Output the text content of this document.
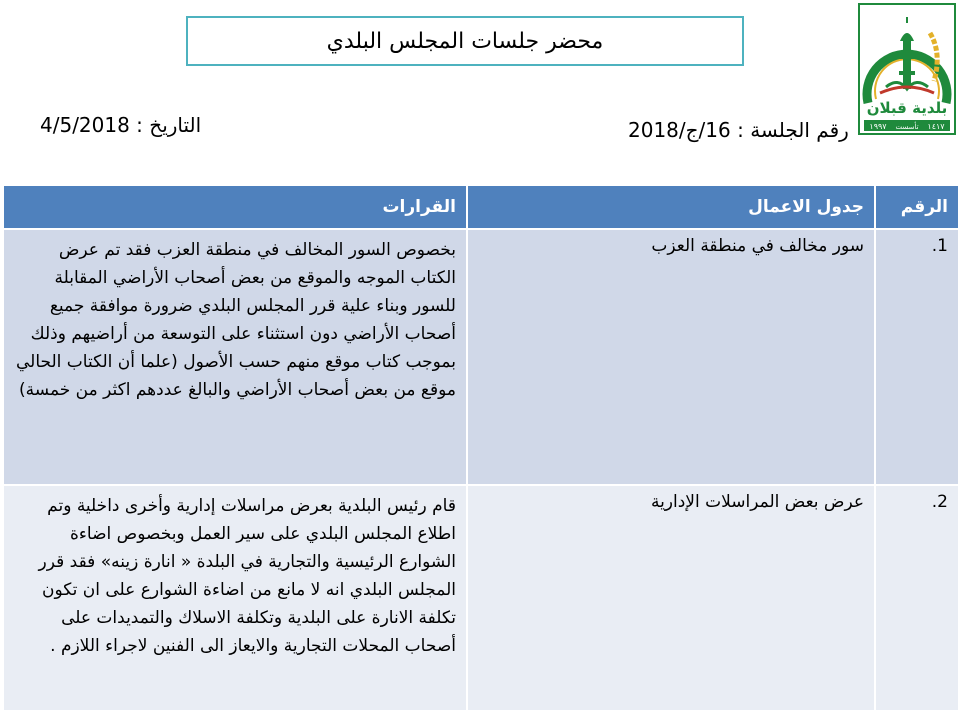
محضر جلسات المجلس البلدي
بلدية قبلان
١٩٩٧ تأسست ١٤١٧
التاريخ : 4/5/2018	رقم الجلسة : 16/ج/2018
الرقم	جدول الاعمال	القرارات
1.	سور مخالف في منطقة العزب	بخصوص السور المخالف في منطقة العزب فقد تم عرض الكتاب الموجه والموقع من بعض أصحاب الأراضي المقابلة للسور وبناء علية قرر المجلس البلدي ضرورة موافقة جميع أصحاب الأراضي دون استثناء على التوسعة من أراضيهم وذلك بموجب كتاب موقع منهم حسب الأصول (علما أن الكتاب الحالي موقع من بعض أصحاب الأراضي والبالغ عددهم اكثر من خمسة)
2.	عرض بعض المراسلات الإدارية	قام رئيس البلدية بعرض مراسلات إدارية وأخرى داخلية وتم اطلاع المجلس البلدي على سير العمل وبخصوص اضاءة الشوارع الرئيسية والتجارية في البلدة « انارة زينه» فقد قرر المجلس البلدي انه لا مانع من اضاءة الشوارع على ان تكون تكلفة الانارة على البلدية وتكلفة الاسلاك والتمديدات على أصحاب المحلات التجارية والايعاز الى الفنين لاجراء اللازم .
